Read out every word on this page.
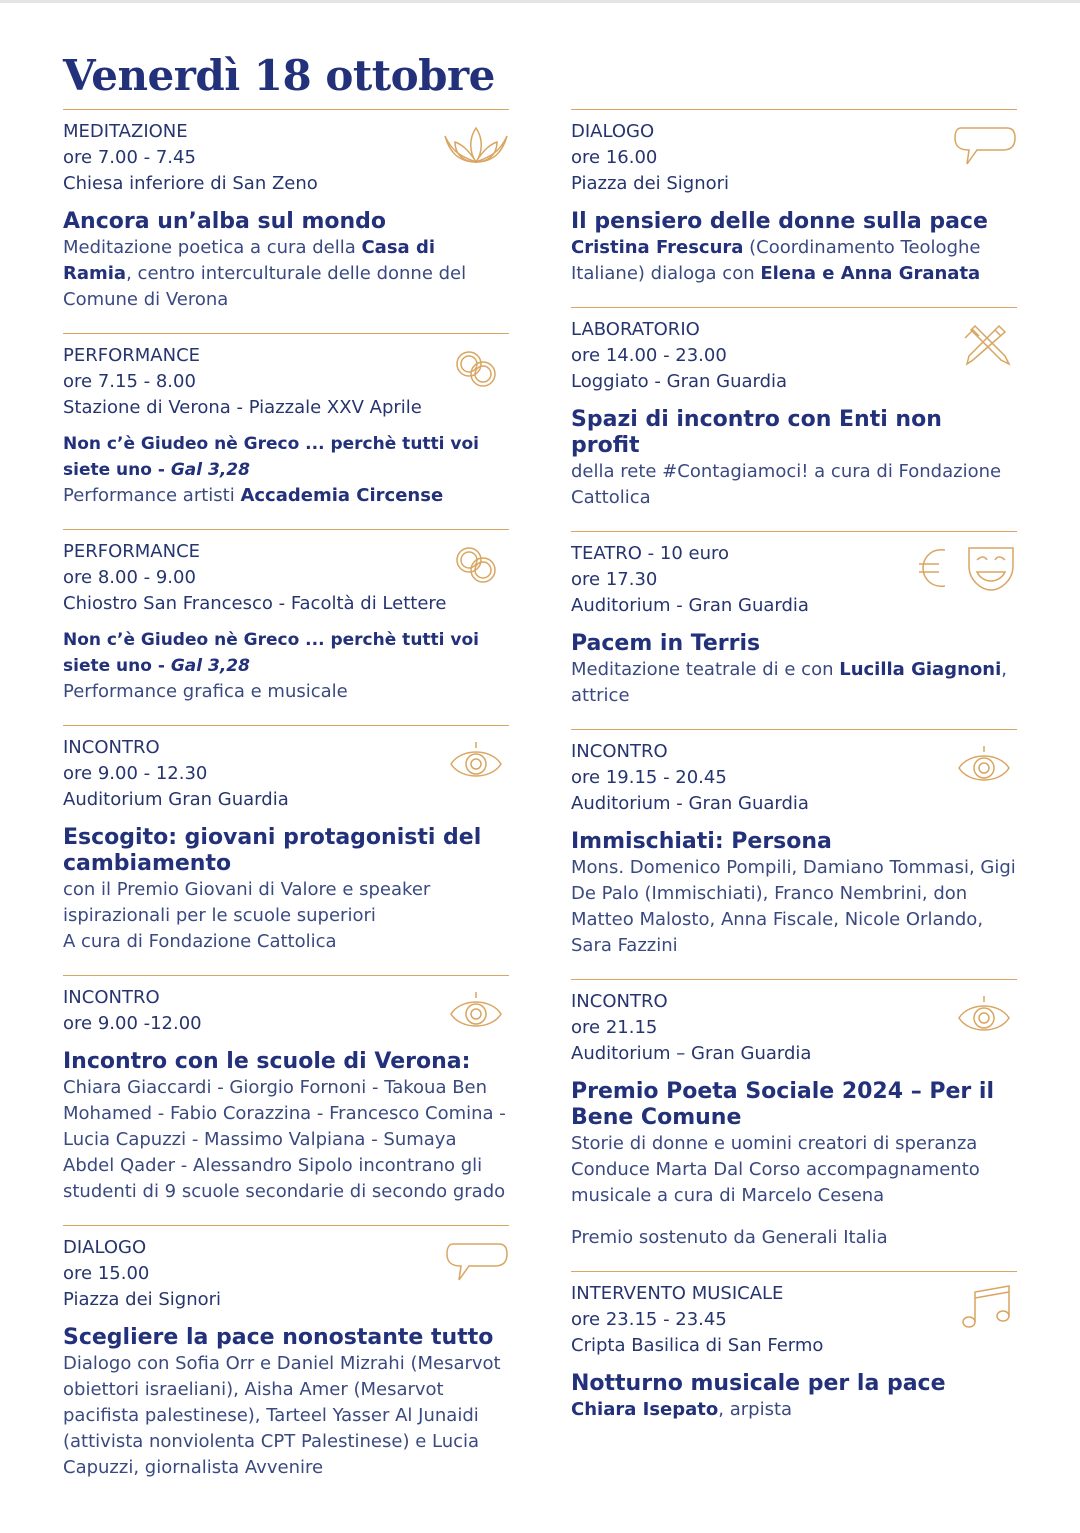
Venerdì 18 ottobre
MEDITAZIONE
ore 7.00 - 7.45
Chiesa inferiore di San Zeno
Ancora un’alba sul mondo
Meditazione poetica a cura della Casa di Ramia, centro interculturale delle donne del Comune di Verona
PERFORMANCE
ore 7.15 - 8.00
Stazione di Verona - Piazzale XXV Aprile
Non c’è Giudeo nè Greco ... perchè tutti voi siete uno - Gal 3,28
Performance artisti Accademia Circense
PERFORMANCE
ore 8.00 - 9.00
Chiostro San Francesco - Facoltà di Lettere
Non c’è Giudeo nè Greco ... perchè tutti voi siete uno - Gal 3,28
Performance grafica e musicale
INCONTRO
ore 9.00 - 12.30
Auditorium Gran Guardia
Escogito: giovani protagonisti del cambiamento
con il Premio Giovani di Valore e speaker ispirazionali per le scuole superiori
A cura di Fondazione Cattolica
INCONTRO
ore 9.00 -12.00
Incontro con le scuole di Verona:
Chiara Giaccardi - Giorgio Fornoni - Takoua Ben Mohamed - Fabio Corazzina - Francesco Comina - Lucia Capuzzi - Massimo Valpiana - Sumaya Abdel Qader - Alessandro Sipolo incontrano gli studenti di 9 scuole secondarie di secondo grado
DIALOGO
ore 15.00
Piazza dei Signori
Scegliere la pace nonostante tutto
Dialogo con Sofia Orr e Daniel Mizrahi (Mesarvot obiettori israeliani), Aisha Amer (Mesarvot pacifista palestinese), Tarteel Yasser Al Junaidi (attivista nonviolenta CPT Palestinese) e Lucia Capuzzi, giornalista Avvenire
DIALOGO
ore 16.00
Piazza dei Signori
Il pensiero delle donne sulla pace
Cristina Frescura (Coordinamento Teologhe Italiane) dialoga con Elena e Anna Granata
LABORATORIO
ore 14.00 - 23.00
Loggiato - Gran Guardia
Spazi di incontro con Enti non profit
della rete #Contagiamoci! a cura di Fondazione Cattolica
TEATRO - 10 euro
ore 17.30
Auditorium - Gran Guardia
Pacem in Terris
Meditazione teatrale di e con Lucilla Giagnoni, attrice
INCONTRO
ore 19.15 - 20.45
Auditorium - Gran Guardia
Immischiati: Persona
Mons. Domenico Pompili, Damiano Tommasi, Gigi De Palo (Immischiati), Franco Nembrini, don Matteo Malosto, Anna Fiscale, Nicole Orlando, Sara Fazzini
INCONTRO
ore 21.15
Auditorium – Gran Guardia
Premio Poeta Sociale 2024 – Per il Bene Comune
Storie di donne e uomini creatori di speranza Conduce Marta Dal Corso accompagnamento musicale a cura di Marcelo Cesena
Premio sostenuto da Generali Italia
INTERVENTO MUSICALE
ore 23.15 - 23.45
Cripta Basilica di San Fermo
Notturno musicale per la pace
Chiara Isepato, arpista
